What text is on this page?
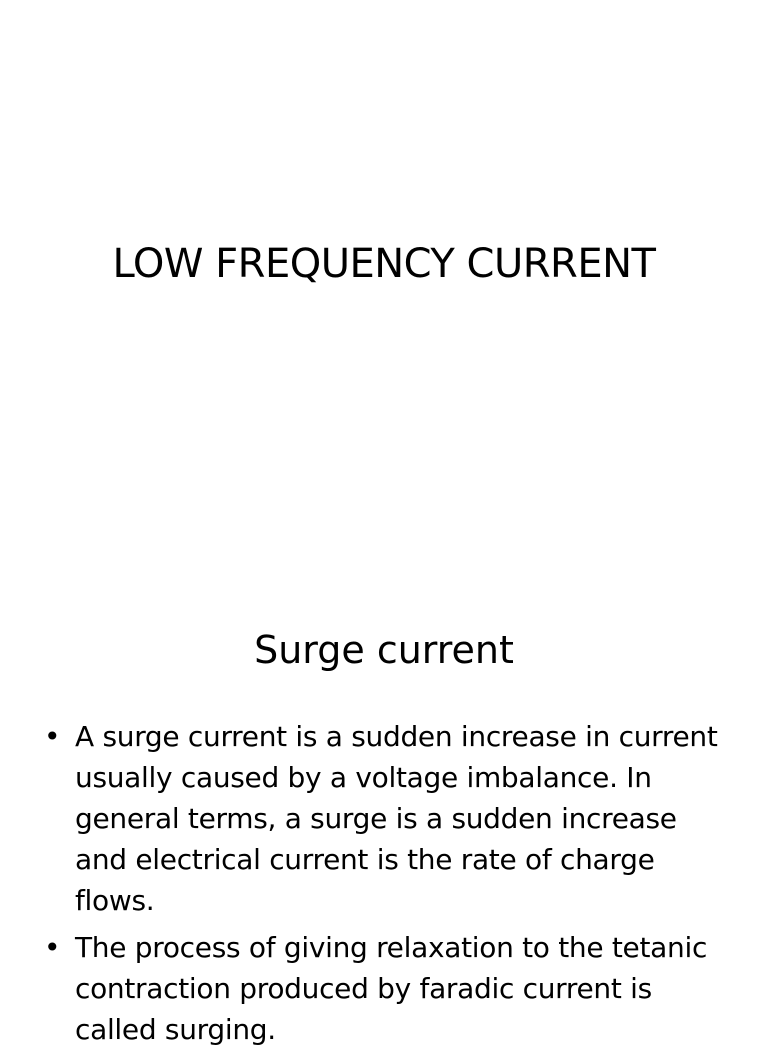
LOW FREQUENCY CURRENT
Surge current
• A surge current is a sudden increase in current usually caused by a voltage imbalance. In general terms, a surge is a sudden increase and electrical current is the rate of charge flows.
• The process of giving relaxation to the tetanic contraction produced by faradic current is called surging.
